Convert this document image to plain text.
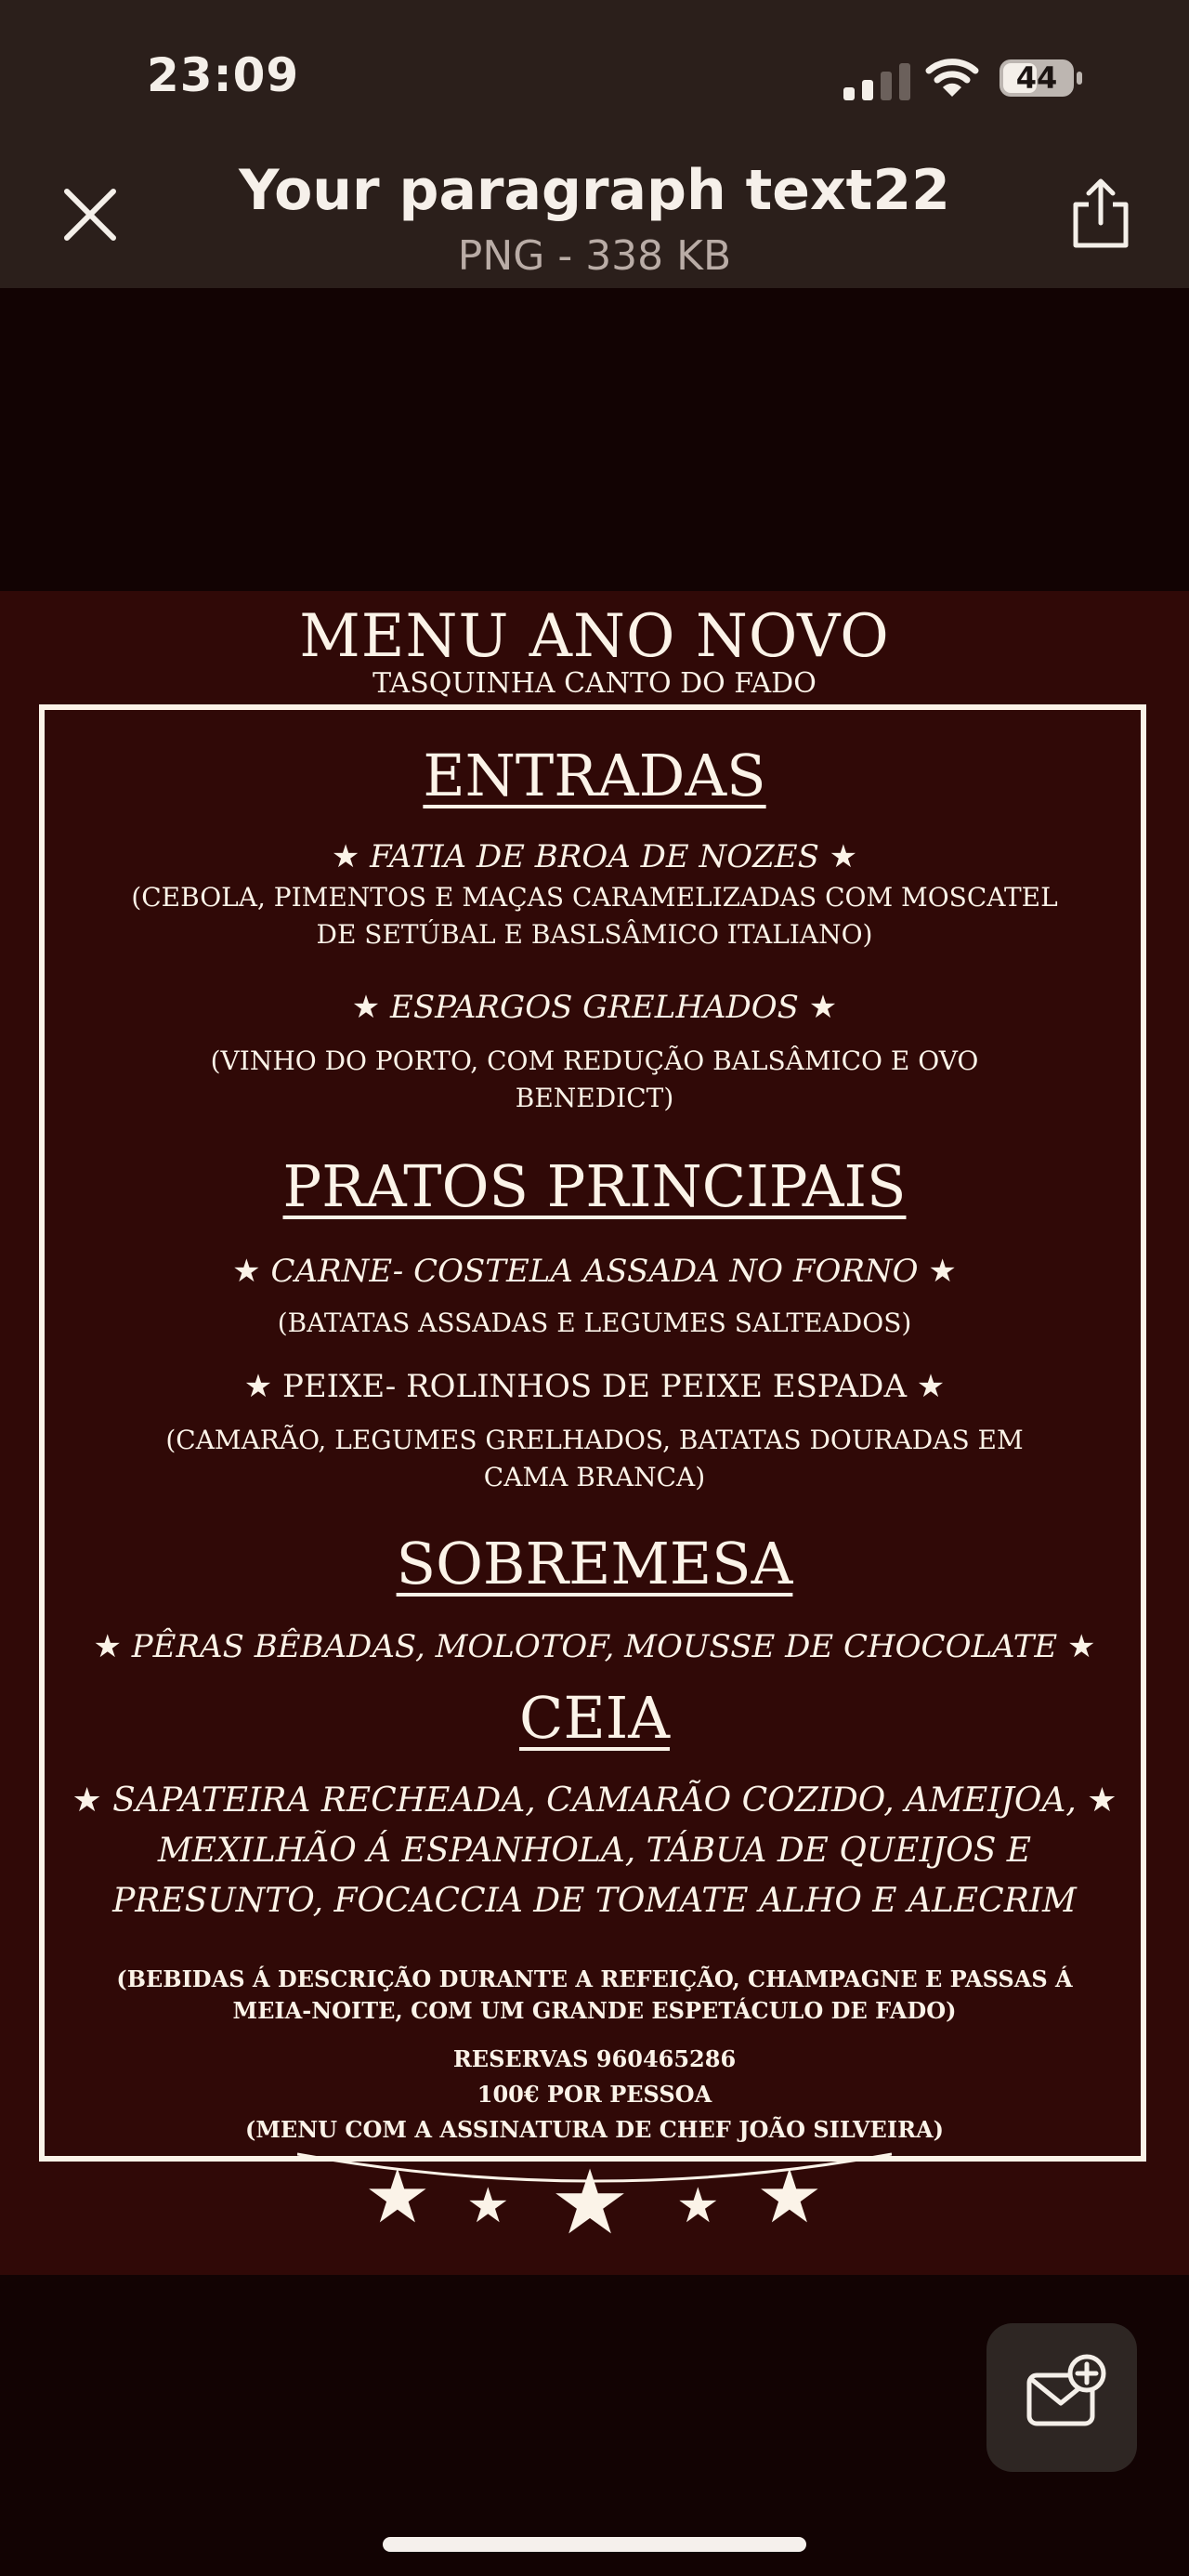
23:09	44
Your paragraph text22
PNG - 338 KB
MENU ANO NOVO
TASQUINHA CANTO DO FADO
ENTRADAS
★ FATIA DE BROA DE NOZES ★
(CEBOLA, PIMENTOS E MAÇAS CARAMELIZADAS COM MOSCATEL
DE SETÚBAL E BASLSÂMICO ITALIANO)
★ ESPARGOS GRELHADOS ★
(VINHO DO PORTO, COM REDUÇÃO BALSÂMICO E OVO
BENEDICT)
PRATOS PRINCIPAIS
★ CARNE- COSTELA ASSADA NO FORNO ★
(BATATAS ASSADAS E LEGUMES SALTEADOS)
★ PEIXE- ROLINHOS DE PEIXE ESPADA ★
(CAMARÃO, LEGUMES GRELHADOS, BATATAS DOURADAS EM
CAMA BRANCA)
SOBREMESA
★ PÊRAS BÊBADAS, MOLOTOF, MOUSSE DE CHOCOLATE ★
CEIA
★ SAPATEIRA RECHEADA, CAMARÃO COZIDO, AMEIJOA, ★
MEXILHÃO Á ESPANHOLA, TÁBUA DE QUEIJOS E
PRESUNTO, FOCACCIA DE TOMATE ALHO E ALECRIM
(BEBIDAS Á DESCRIÇÃO DURANTE A REFEIÇÃO, CHAMPAGNE E PASSAS Á
MEIA-NOITE, COM UM GRANDE ESPETÁCULO DE FADO)
RESERVAS 960465286
100€ POR PESSOA
(MENU COM A ASSINATURA DE CHEF JOÃO SILVEIRA)
★ ★ ★ ★ ★
